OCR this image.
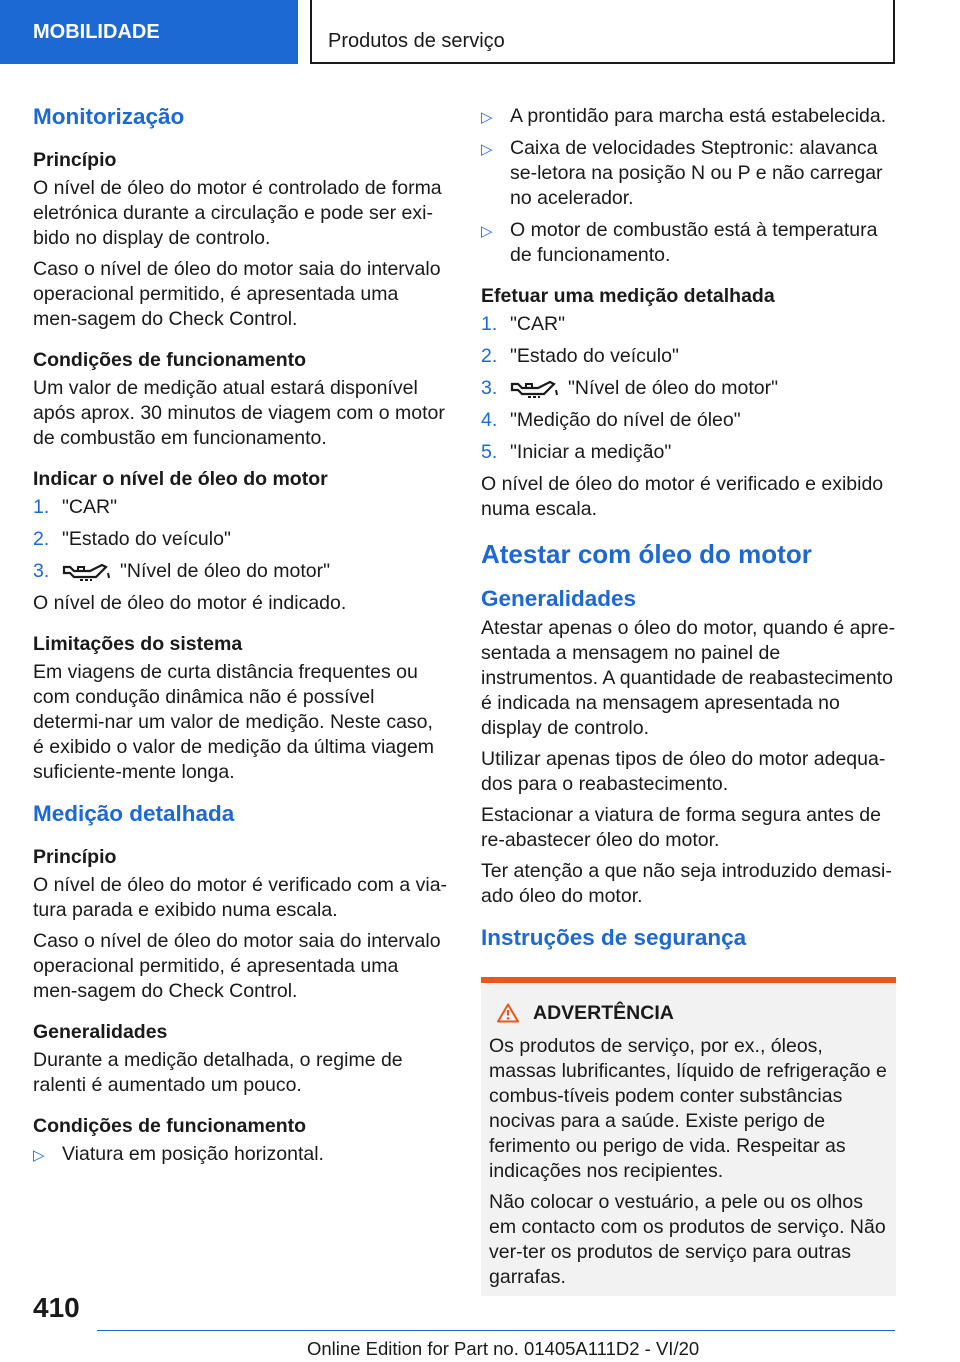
MOBILIDADE	Produtos de serviço
Monitorização
Princípio

O nível de óleo do motor é controlado de forma eletrónica durante a circulação e pode ser exi-bido no display de controlo.

Caso o nível de óleo do motor saia do intervalo operacional permitido, é apresentada uma men-sagem do Check Control.

Condições de funcionamento

Um valor de medição atual estará disponível após aprox. 30 minutos de viagem com o motor de combustão em funcionamento.

Indicar o nível de óleo do motor
1. "CAR"
2. "Estado do veículo"
3.	"Nível de óleo do motor"

O nível de óleo do motor é indicado.

Limitações do sistema

Em viagens de curta distância frequentes ou com condução dinâmica não é possível determi-nar um valor de medição. Neste caso, é exibido o valor de medição da última viagem suficiente-mente longa.

Medição detalhada
Princípio

O nível de óleo do motor é verificado com a via-tura parada e exibido numa escala.

Caso o nível de óleo do motor saia do intervalo operacional permitido, é apresentada uma men-sagem do Check Control.

Generalidades

Durante a medição detalhada, o regime de ralenti é aumentado um pouco.

Condições de funcionamento
▷ Viatura em posição horizontal.
▷ A prontidão para marcha está estabelecida.
▷ Caixa de velocidades Steptronic: alavanca se-letora na posição N ou P e não carregar no acelerador.
▷ O motor de combustão está à temperatura de funcionamento.
Efetuar uma medição detalhada
1. "CAR"
2. "Estado do veículo"
3.	"Nível de óleo do motor"
4. "Medição do nível de óleo"
5. "Iniciar a medição"

O nível de óleo do motor é verificado e exibido numa escala.

Atestar com óleo do motor
Generalidades

Atestar apenas o óleo do motor, quando é apre-sentada a mensagem no painel de instrumentos. A quantidade de reabastecimento é indicada na mensagem apresentada no display de controlo.

Utilizar apenas tipos de óleo do motor adequa-dos para o reabastecimento.

Estacionar a viatura de forma segura antes de re-abastecer óleo do motor.

Ter atenção a que não seja introduzido demasi-ado óleo do motor.

Instruções de segurança
ADVERTÊNCIA

Os produtos de serviço, por ex., óleos, massas lubrificantes, líquido de refrigeração e combus-tíveis podem conter substâncias nocivas para a saúde. Existe perigo de ferimento ou perigo de vida. Respeitar as indicações nos recipientes.

Não colocar o vestuário, a pele ou os olhos em contacto com os produtos de serviço. Não ver-ter os produtos de serviço para outras garrafas.

410
Online Edition for Part no. 01405A111D2 - VI/20
